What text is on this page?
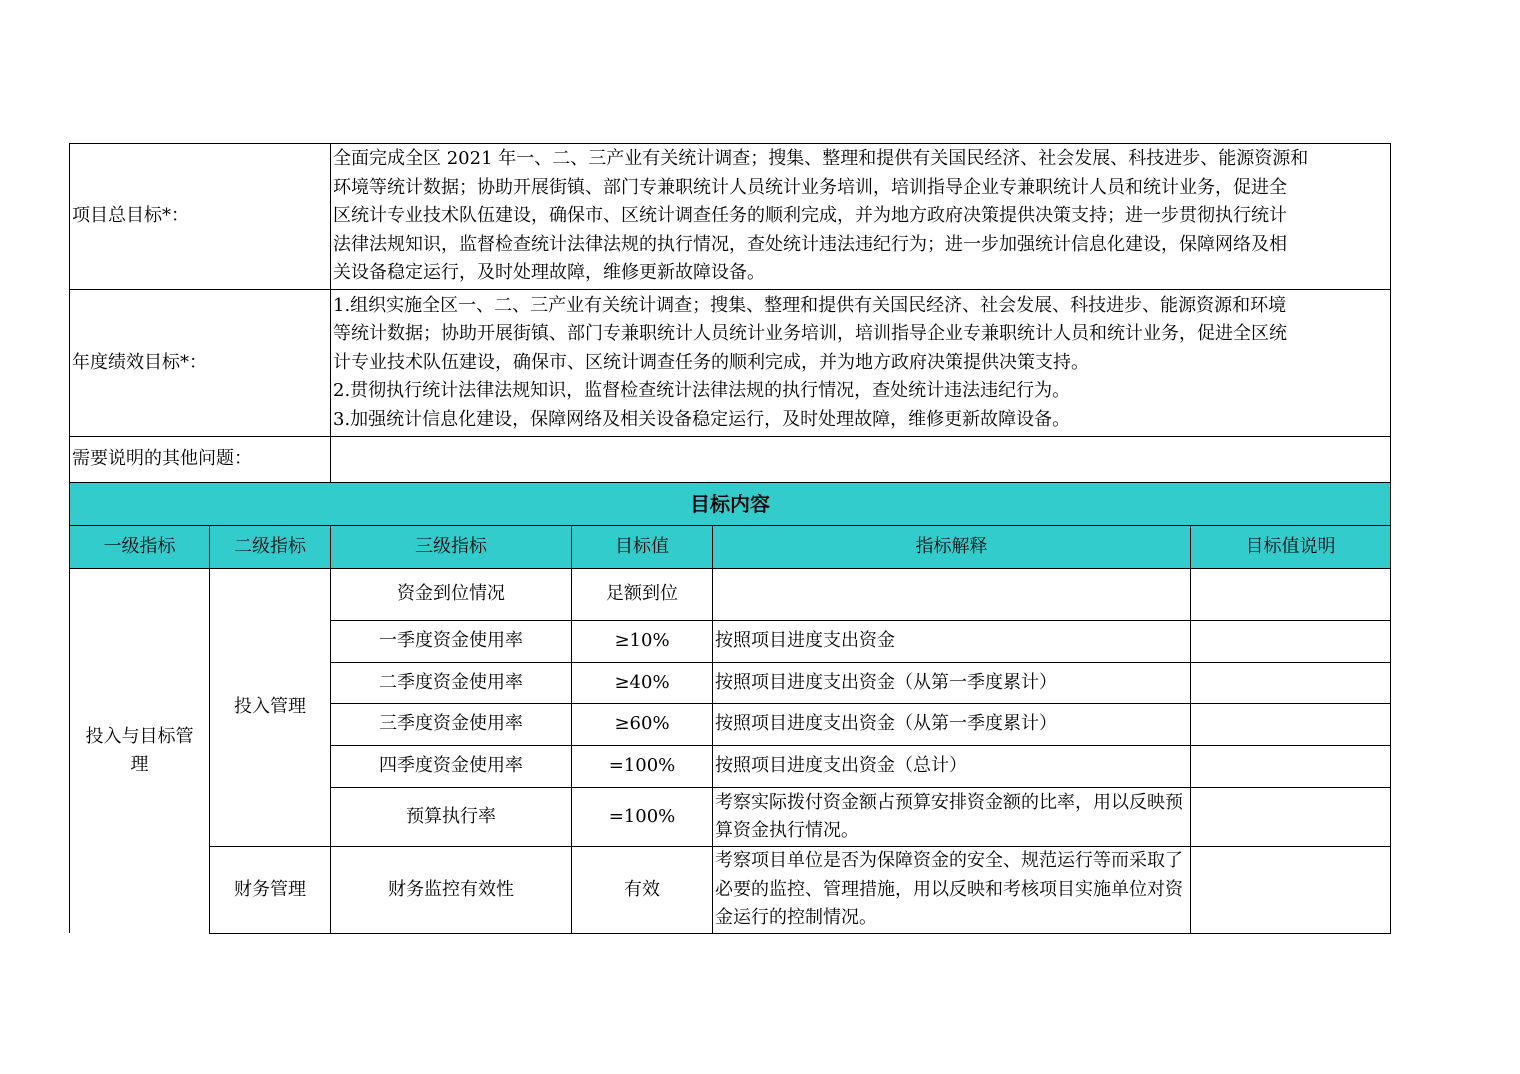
项目总目标*：		全面完成全区 2021 年一、二、三产业有关统计调查；搜集、整理和提供有关国民经济、社会发展、科技进步、能源资源和
环境等统计数据；协助开展街镇、部门专兼职统计人员统计业务培训，培训指导企业专兼职统计人员和统计业务，促进全
区统计专业技术队伍建设，确保市、区统计调查任务的顺利完成，并为地方政府决策提供决策支持；进一步贯彻执行统计
法律法规知识，监督检查统计法律法规的执行情况，查处统计违法违纪行为；进一步加强统计信息化建设，保障网络及相
关设备稳定运行，及时处理故障，维修更新故障设备。			

年度绩效目标*：		1.组织实施全区一、二、三产业有关统计调查；搜集、整理和提供有关国民经济、社会发展、科技进步、能源资源和环境
等统计数据；协助开展街镇、部门专兼职统计人员统计业务培训，培训指导企业专兼职统计人员和统计业务，促进全区统
计专业技术队伍建设，确保市、区统计调查任务的顺利完成，并为地方政府决策提供决策支持。
2.贯彻执行统计法律法规知识，监督检查统计法律法规的执行情况，查处统计违法违纪行为。
3.加强统计信息化建设，保障网络及相关设备稳定运行，及时处理故障，维修更新故障设备。			

需要说明的其他问题：					
目标内容					
一级指标	二级指标	三级指标	目标值	指标解释	目标值说明
投入与目标管理	投入管理	资金到位情况	足额到位		
		一季度资金使用率	≥10%	按照项目进度支出资金	
		二季度资金使用率	≥40%	按照项目进度支出资金（从第一季度累计）	
		三季度资金使用率	≥60%	按照项目进度支出资金（从第一季度累计）	
		四季度资金使用率	=100%	按照项目进度支出资金（总计）	
		预算执行率	=100%	考察实际拨付资金额占预算安排资金额的比率，用以反映预算资金执行情况。	
	财务管理	财务监控有效性	有效	考察项目单位是否为保障资金的安全、规范运行等而采取了必要的监控、管理措施，用以反映和考核项目实施单位对资金运行的控制情况。	
